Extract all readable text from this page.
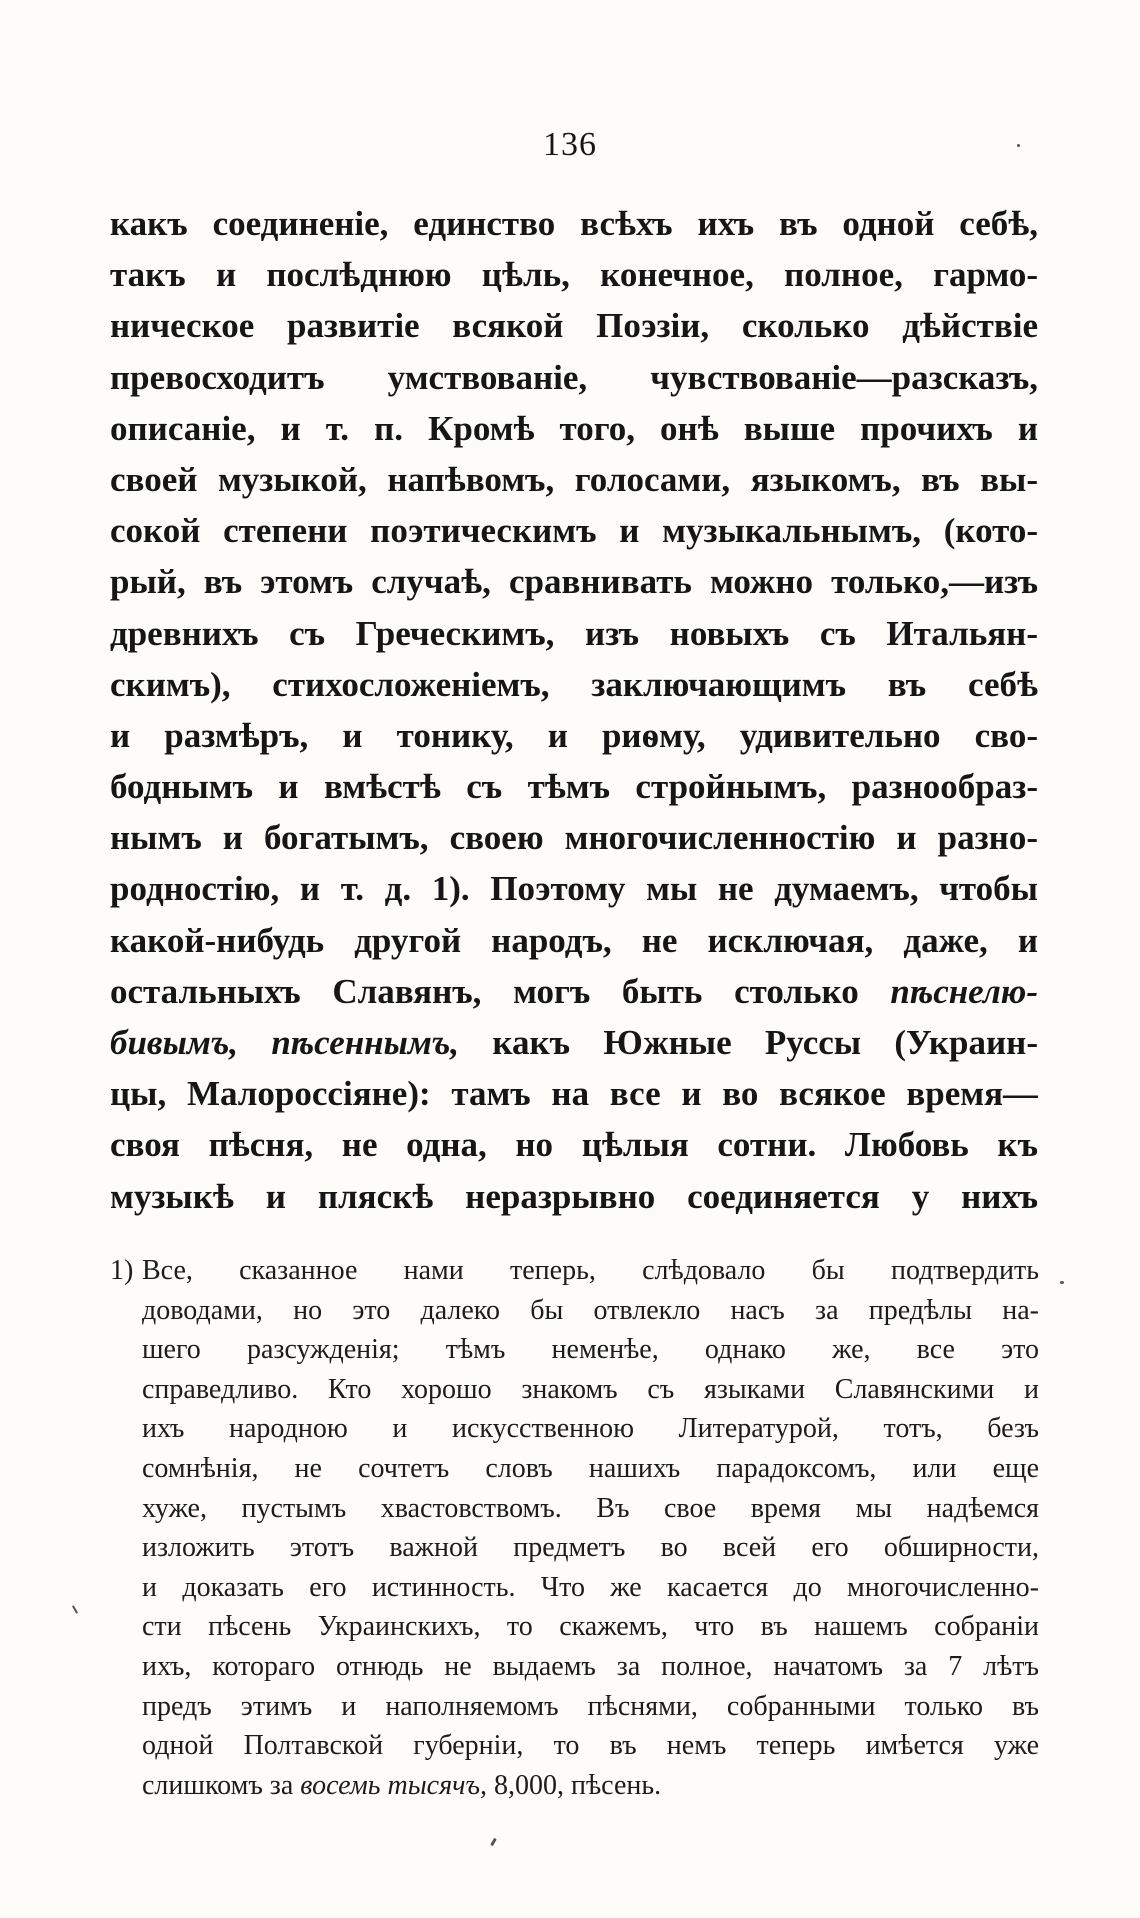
136
какъ соединеніе, единство всѣхъ ихъ въ одной себѣ,
такъ и послѣднюю цѣль, конечное, полное, гармо-
ническое развитіе всякой Поэзіи, сколько дѣйствіе
превосходитъ умствованіе, чувствованіе—разсказъ,
описаніе, и т. п. Кромѣ того, онѣ выше прочихъ и
своей музыкой, напѣвомъ, голосами, языкомъ, въ вы-
сокой степени поэтическимъ и музыкальнымъ, (кото-
рый, въ этомъ случаѣ, сравнивать можно только,—изъ
древнихъ съ Греческимъ, изъ новыхъ съ Итальян-
скимъ), стихосложеніемъ, заключающимъ въ себѣ
и размѣръ, и тонику, и риѳму, удивительно сво-
боднымъ и вмѣстѣ съ тѣмъ стройнымъ, разнообраз-
нымъ и богатымъ, своею многочисленностію и разно-
родностію, и т. д. 1). Поэтому мы не думаемъ, чтобы
какой-нибудь другой народъ, не исключая, даже, и
остальныхъ Славянъ, могъ быть столько пѣснелю-
бивымъ, пѣсеннымъ, какъ Южные Руссы (Украин-
цы, Малороссіяне): тамъ на все и во всякое время—
своя пѣсня, не одна, но цѣлыя сотни. Любовь къ
музыкѣ и пляскѣ неразрывно соединяется у нихъ
1) Все, сказанное нами теперь, слѣдовало бы подтвердить
доводами, но это далеко бы отвлекло насъ за предѣлы на-
шего разсужденія; тѣмъ неменѣе, однако же, все это
справедливо. Кто хорошо знакомъ съ языками Славянскими и
ихъ народною и искусственною Литературой, тотъ, безъ
сомнѣнія, не сочтетъ словъ нашихъ парадоксомъ, или еще
хуже, пустымъ хвастовствомъ. Въ свое время мы надѣемся
изложить этотъ важной предметъ во всей его обширности,
и доказать его истинность. Что же касается до многочисленно-
сти пѣсень Украинскихъ, то скажемъ, что въ нашемъ собраніи
ихъ, котораго отнюдь не выдаемъ за полное, начатомъ за 7 лѣтъ
предъ этимъ и наполняемомъ пѣснями, собранными только въ
одной Полтавской губерніи, то въ немъ теперь имѣется уже
слишкомъ за восемь тысячъ, 8,000, пѣсень.
